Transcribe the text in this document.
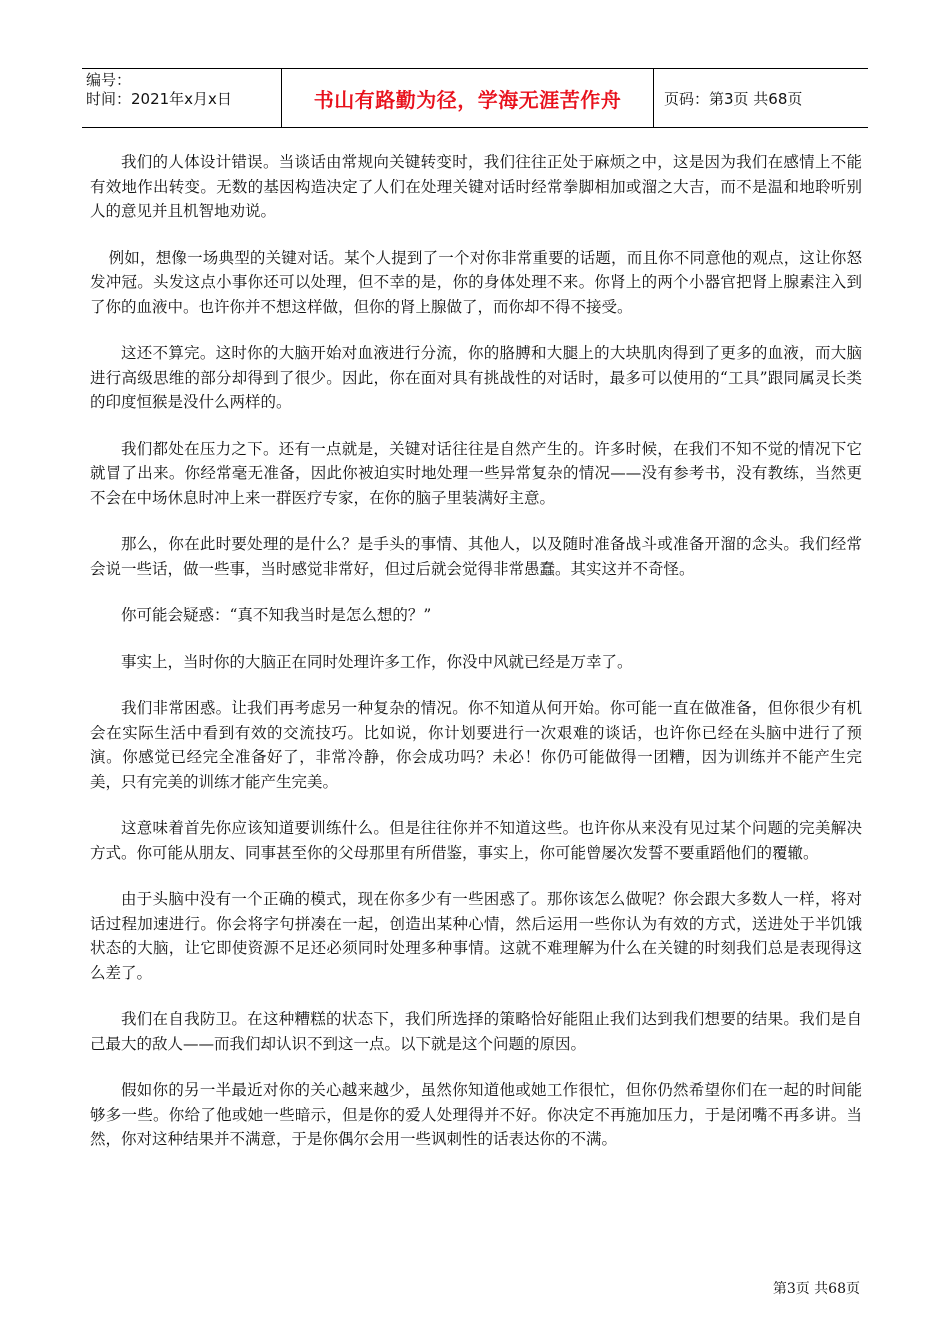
编号：
时间：2021年x月x日	书山有路勤为径，学海无涯苦作舟	页码：第3页 共68页

我们的人体设计错误。当谈话由常规向关键转变时，我们往往正处于麻烦之中，这是因为我们在感情上不能有效地作出转变。无数的基因构造决定了人们在处理关键对话时经常拳脚相加或溜之大吉，而不是温和地聆听别人的意见并且机智地劝说。

例如，想像一场典型的关键对话。某个人提到了一个对你非常重要的话题，而且你不同意他的观点，这让你怒发冲冠。头发这点小事你还可以处理，但不幸的是，你的身体处理不来。你肾上的两个小器官把肾上腺素注入到了你的血液中。也许你并不想这样做，但你的肾上腺做了，而你却不得不接受。

这还不算完。这时你的大脑开始对血液进行分流，你的胳膊和大腿上的大块肌肉得到了更多的血液，而大脑进行高级思维的部分却得到了很少。因此，你在面对具有挑战性的对话时，最多可以使用的“工具”跟同属灵长类的印度恒猴是没什么两样的。

我们都处在压力之下。还有一点就是，关键对话往往是自然产生的。许多时候，在我们不知不觉的情况下它就冒了出来。你经常毫无准备，因此你被迫实时地处理一些异常复杂的情况——没有参考书，没有教练，当然更不会在中场休息时冲上来一群医疗专家，在你的脑子里装满好主意。

那么，你在此时要处理的是什么？是手头的事情、其他人，以及随时准备战斗或准备开溜的念头。我们经常会说一些话，做一些事，当时感觉非常好，但过后就会觉得非常愚蠢。其实这并不奇怪。

你可能会疑惑：“真不知我当时是怎么想的？”

事实上，当时你的大脑正在同时处理许多工作，你没中风就已经是万幸了。

我们非常困惑。让我们再考虑另一种复杂的情况。你不知道从何开始。你可能一直在做准备，但你很少有机会在实际生活中看到有效的交流技巧。比如说，你计划要进行一次艰难的谈话，也许你已经在头脑中进行了预演。你感觉已经完全准备好了，非常冷静，你会成功吗？未必！你仍可能做得一团糟，因为训练并不能产生完美，只有完美的训练才能产生完美。

这意味着首先你应该知道要训练什么。但是往往你并不知道这些。也许你从来没有见过某个问题的完美解决方式。你可能从朋友、同事甚至你的父母那里有所借鉴，事实上，你可能曾屡次发誓不要重蹈他们的覆辙。

由于头脑中没有一个正确的模式，现在你多少有一些困惑了。那你该怎么做呢？你会跟大多数人一样，将对话过程加速进行。你会将字句拼凑在一起，创造出某种心情，然后运用一些你认为有效的方式，送进处于半饥饿状态的大脑，让它即使资源不足还必须同时处理多种事情。这就不难理解为什么在关键的时刻我们总是表现得这么差了。

我们在自我防卫。在这种糟糕的状态下，我们所选择的策略恰好能阻止我们达到我们想要的结果。我们是自己最大的敌人——而我们却认识不到这一点。以下就是这个问题的原因。

假如你的另一半最近对你的关心越来越少，虽然你知道他或她工作很忙，但你仍然希望你们在一起的时间能够多一些。你给了他或她一些暗示，但是你的爱人处理得并不好。你决定不再施加压力，于是闭嘴不再多讲。当然，你对这种结果并不满意，于是你偶尔会用一些讽刺性的话表达你的不满。

第3页 共68页
